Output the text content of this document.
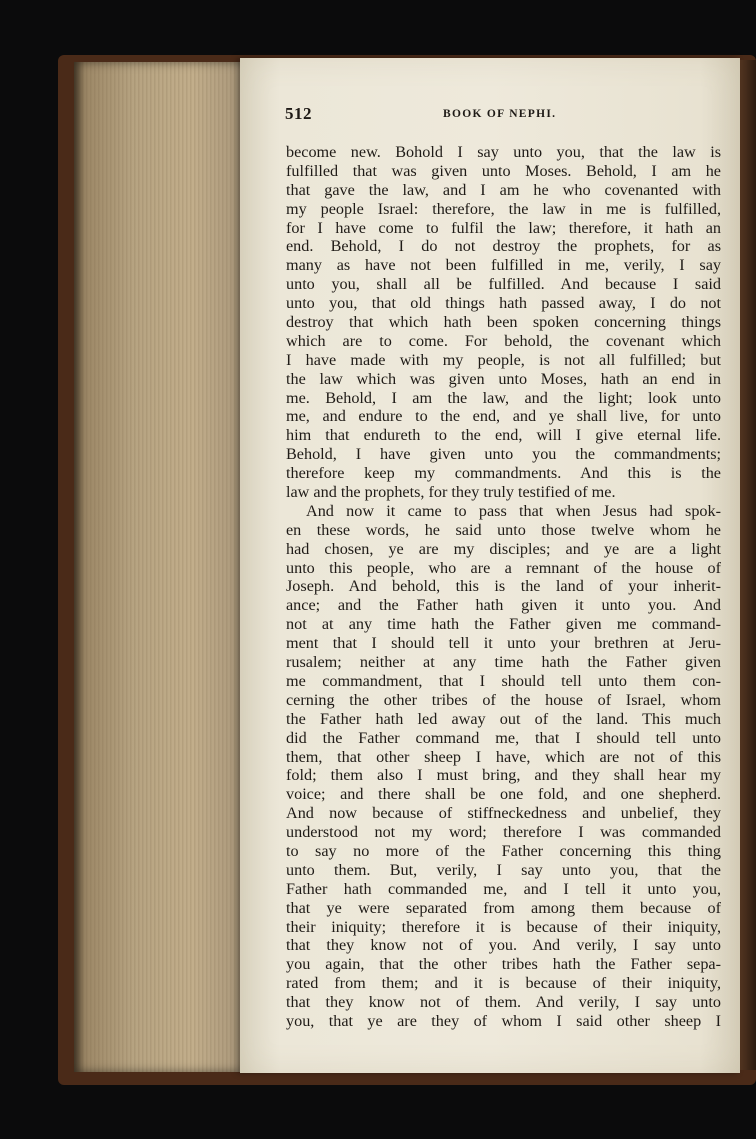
512	BOOK OF NEPHI.
become new. Bohold I say unto you, that the law is
fulfilled that was given unto Moses. Behold, I am he
that gave the law, and I am he who covenanted with
my people Israel: therefore, the law in me is fulfilled,
for I have come to fulfil the law; therefore, it hath an
end. Behold, I do not destroy the prophets, for as
many as have not been fulfilled in me, verily, I say
unto you, shall all be fulfilled. And because I said
unto you, that old things hath passed away, I do not
destroy that which hath been spoken concerning things
which are to come. For behold, the covenant which
I have made with my people, is not all fulfilled; but
the law which was given unto Moses, hath an end in
me. Behold, I am the law, and the light; look unto
me, and endure to the end, and ye shall live, for unto
him that endureth to the end, will I give eternal life.
Behold, I have given unto you the commandments;
therefore keep my commandments. And this is the
law and the prophets, for they truly testified of me.
And now it came to pass that when Jesus had spok-
en these words, he said unto those twelve whom he
had chosen, ye are my disciples; and ye are a light
unto this people, who are a remnant of the house of
Joseph. And behold, this is the land of your inherit-
ance; and the Father hath given it unto you. And
not at any time hath the Father given me command-
ment that I should tell it unto your brethren at Jeru-
rusalem; neither at any time hath the Father given
me commandment, that I should tell unto them con-
cerning the other tribes of the house of Israel, whom
the Father hath led away out of the land. This much
did the Father command me, that I should tell unto
them, that other sheep I have, which are not of this
fold; them also I must bring, and they shall hear my
voice; and there shall be one fold, and one shepherd.
And now because of stiffneckedness and unbelief, they
understood not my word; therefore I was commanded
to say no more of the Father concerning this thing
unto them. But, verily, I say unto you, that the
Father hath commanded me, and I tell it unto you,
that ye were separated from among them because of
their iniquity; therefore it is because of their iniquity,
that they know not of you. And verily, I say unto
you again, that the other tribes hath the Father sepa-
rated from them; and it is because of their iniquity,
that they know not of them. And verily, I say unto
you, that ye are they of whom I said other sheep I
